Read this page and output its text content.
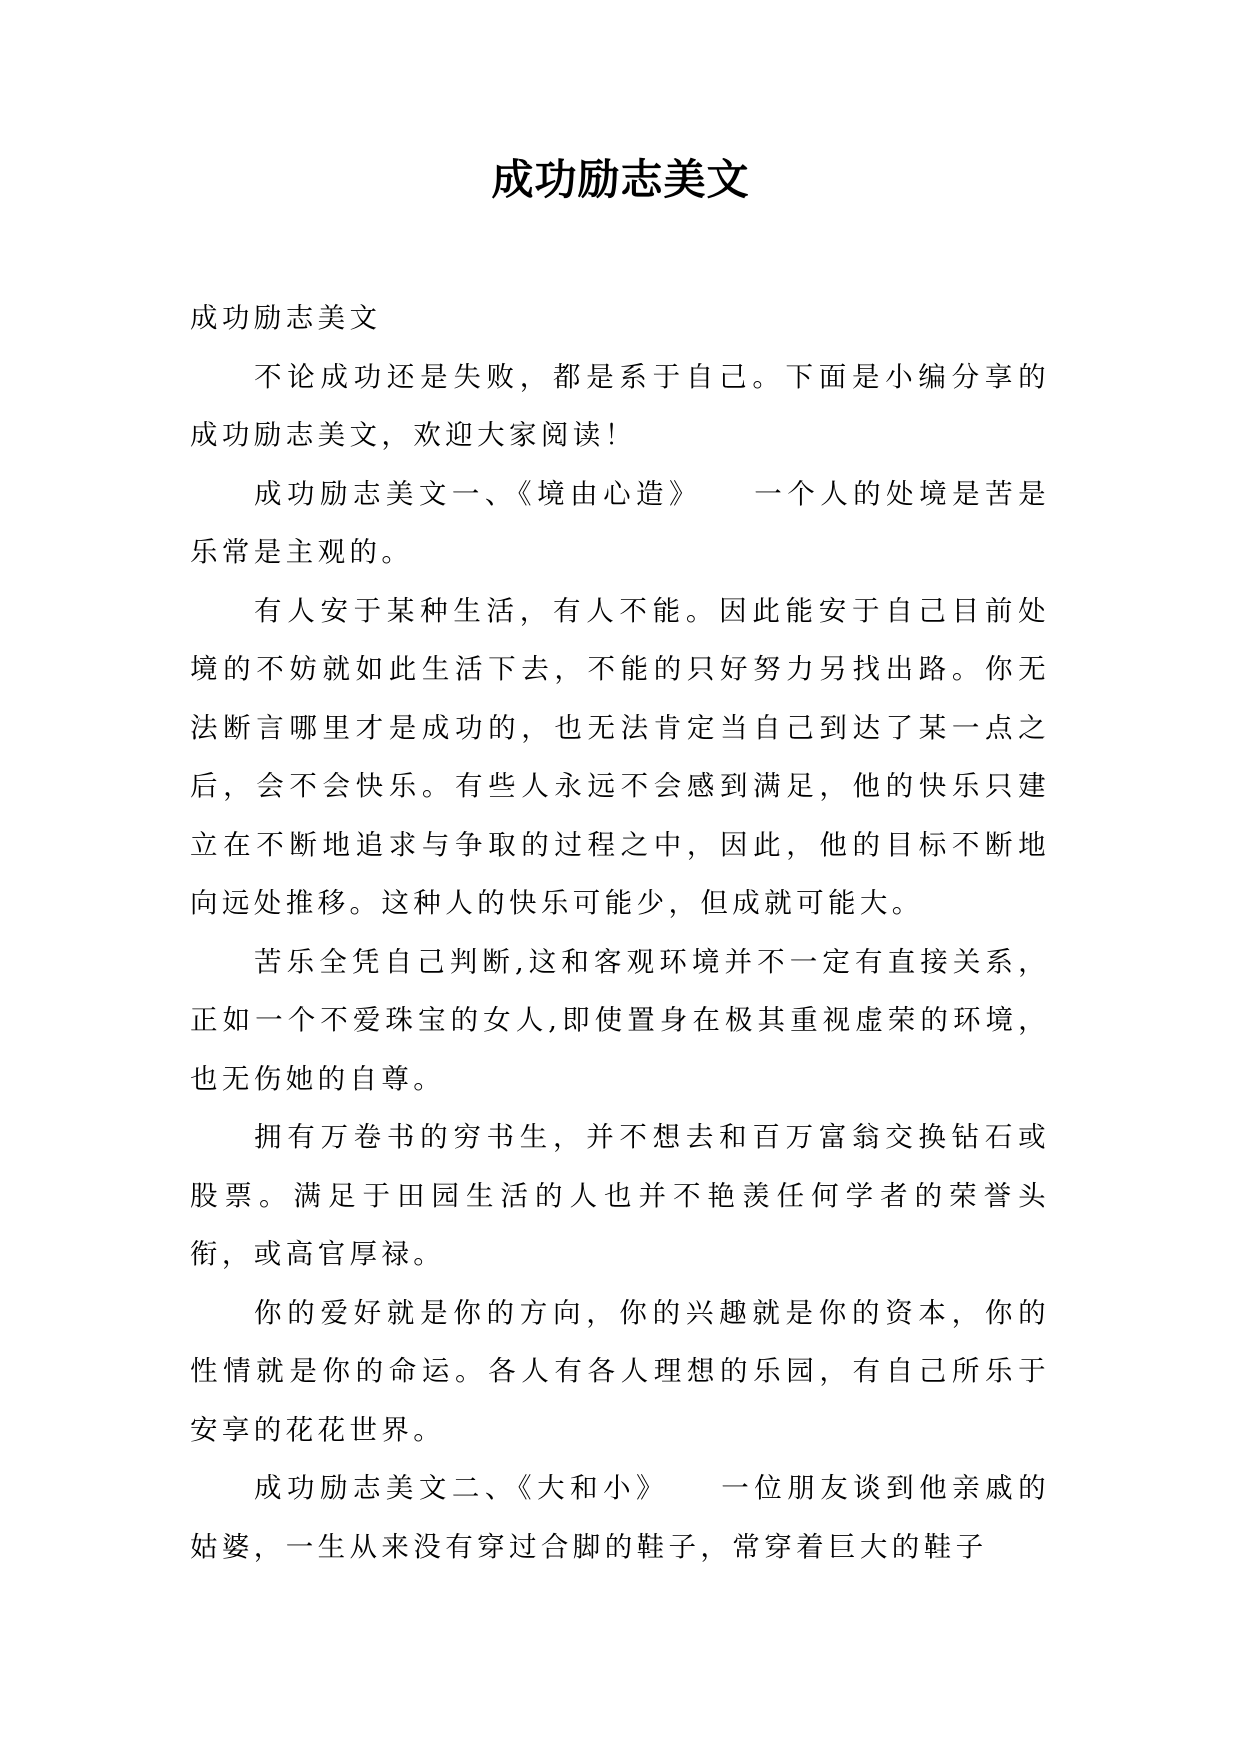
成功励志美文

成功励志美文

不论成功还是失败，都是系于自己。下面是小编分享的成功励志美文，欢迎大家阅读！

成功励志美文一、《境由心造》　　一个人的处境是苦是乐常是主观的。

有人安于某种生活，有人不能。因此能安于自己目前处境的不妨就如此生活下去，不能的只好努力另找出路。你无法断言哪里才是成功的，也无法肯定当自己到达了某一点之后，会不会快乐。有些人永远不会感到满足，他的快乐只建立在不断地追求与争取的过程之中，因此，他的目标不断地向远处推移。这种人的快乐可能少，但成就可能大。

苦乐全凭自己判断,这和客观环境并不一定有直接关系，正如一个不爱珠宝的女人,即使置身在极其重视虚荣的环境，也无伤她的自尊。

拥有万卷书的穷书生，并不想去和百万富翁交换钻石或股票。满足于田园生活的人也并不艳羡任何学者的荣誉头衔，或高官厚禄。

你的爱好就是你的方向，你的兴趣就是你的资本，你的性情就是你的命运。各人有各人理想的乐园，有自己所乐于安享的花花世界。

成功励志美文二、《大和小》　　一位朋友谈到他亲戚的姑婆，一生从来没有穿过合脚的鞋子，常穿着巨大的鞋子
